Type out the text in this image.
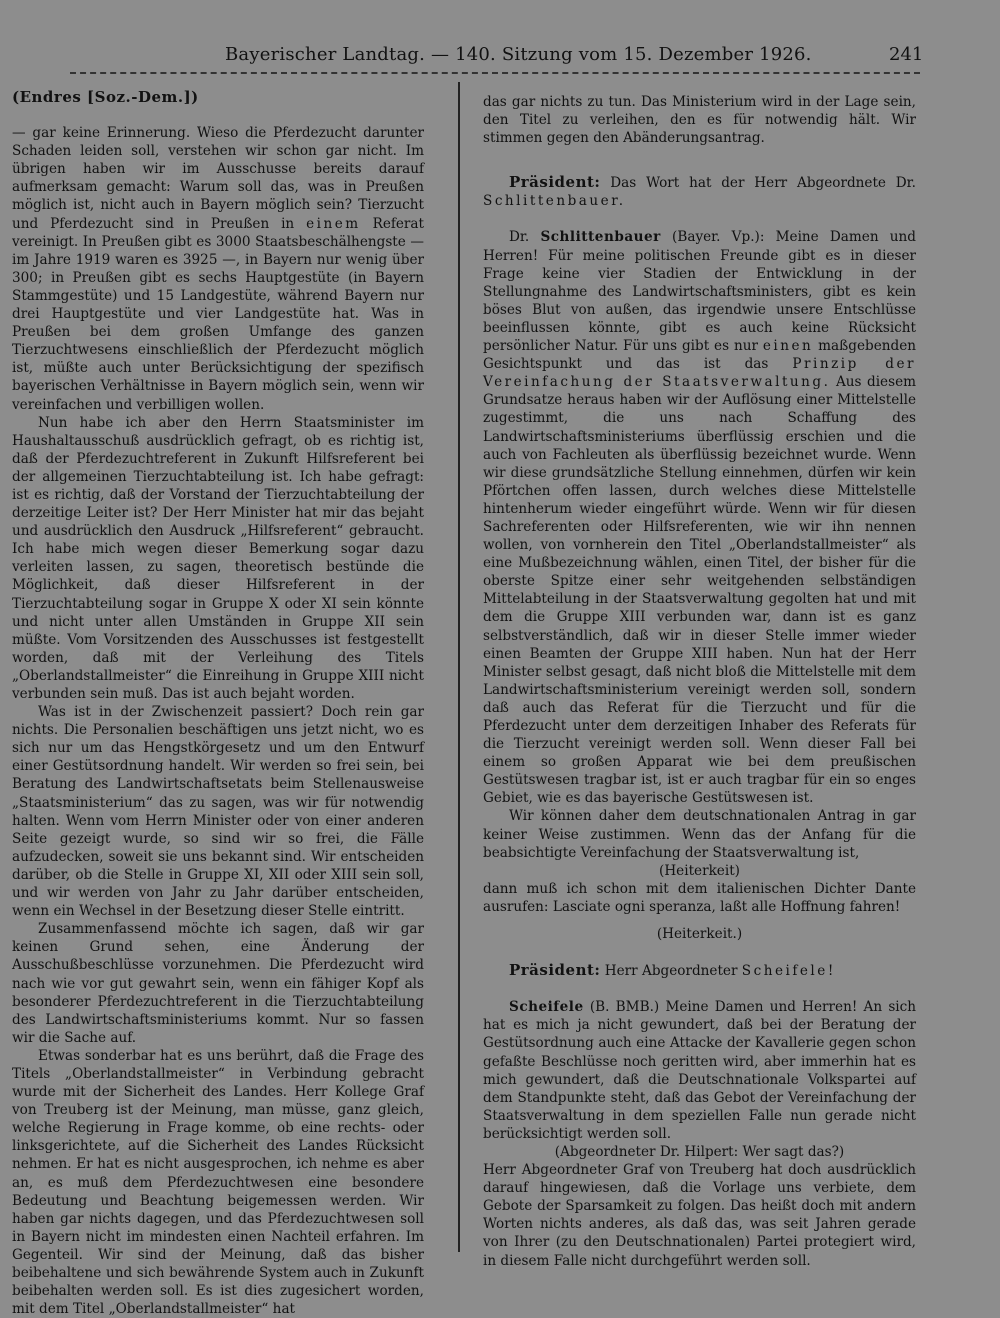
Bayerischer Landtag. — 140. Sitzung vom 15. Dezember 1926.	241

(Endres [Soz.-Dem.])

— gar keine Erinnerung. Wieso die Pferdezucht darunter Schaden leiden soll, verstehen wir schon gar nicht. Im übrigen haben wir im Ausschusse bereits darauf aufmerksam gemacht: Warum soll das, was in Preußen möglich ist, nicht auch in Bayern möglich sein? Tierzucht und Pferdezucht sind in Preußen in einem Referat vereinigt. In Preußen gibt es 3000 Staatsbeschälhengste — im Jahre 1919 waren es 3925 —, in Bayern nur wenig über 300; in Preußen gibt es sechs Hauptgestüte (in Bayern Stammgestüte) und 15 Landgestüte, während Bayern nur drei Hauptgestüte und vier Landgestüte hat. Was in Preußen bei dem großen Umfange des ganzen Tierzuchtwesens einschließlich der Pferdezucht möglich ist, müßte auch unter Berücksichtigung der spezifisch bayerischen Verhältnisse in Bayern möglich sein, wenn wir vereinfachen und verbilligen wollen.

Nun habe ich aber den Herrn Staatsminister im Haushaltausschuß ausdrücklich gefragt, ob es richtig ist, daß der Pferdezuchtreferent in Zukunft Hilfsreferent bei der allgemeinen Tierzuchtabteilung ist. Ich habe gefragt: ist es richtig, daß der Vorstand der Tierzuchtabteilung der derzeitige Leiter ist? Der Herr Minister hat mir das bejaht und ausdrücklich den Ausdruck „Hilfsreferent“ gebraucht. Ich habe mich wegen dieser Bemerkung sogar dazu verleiten lassen, zu sagen, theoretisch bestünde die Möglichkeit, daß dieser Hilfsreferent in der Tierzuchtabteilung sogar in Gruppe X oder XI sein könnte und nicht unter allen Umständen in Gruppe XII sein müßte. Vom Vorsitzenden des Ausschusses ist festgestellt worden, daß mit der Verleihung des Titels „Oberlandstallmeister“ die Einreihung in Gruppe XIII nicht verbunden sein muß. Das ist auch bejaht worden.

Was ist in der Zwischenzeit passiert? Doch rein gar nichts. Die Personalien beschäftigen uns jetzt nicht, wo es sich nur um das Hengstkörgesetz und um den Entwurf einer Gestütsordnung handelt. Wir werden so frei sein, bei Beratung des Landwirtschaftsetats beim Stellenausweise „Staatsministerium“ das zu sagen, was wir für notwendig halten. Wenn vom Herrn Minister oder von einer anderen Seite gezeigt wurde, so sind wir so frei, die Fälle aufzudecken, soweit sie uns bekannt sind. Wir entscheiden darüber, ob die Stelle in Gruppe XI, XII oder XIII sein soll, und wir werden von Jahr zu Jahr darüber entscheiden, wenn ein Wechsel in der Besetzung dieser Stelle eintritt.

Zusammenfassend möchte ich sagen, daß wir gar keinen Grund sehen, eine Änderung der Ausschußbeschlüsse vorzunehmen. Die Pferdezucht wird nach wie vor gut gewahrt sein, wenn ein fähiger Kopf als besonderer Pferdezuchtreferent in die Tierzuchtabteilung des Landwirtschaftsministeriums kommt. Nur so fassen wir die Sache auf.

Etwas sonderbar hat es uns berührt, daß die Frage des Titels „Oberlandstallmeister“ in Verbindung gebracht wurde mit der Sicherheit des Landes. Herr Kollege Graf von Treuberg ist der Meinung, man müsse, ganz gleich, welche Regierung in Frage komme, ob eine rechts- oder linksgerichtete, auf die Sicherheit des Landes Rücksicht nehmen. Er hat es nicht ausgesprochen, ich nehme es aber an, es muß dem Pferdezuchtwesen eine besondere Bedeutung und Beachtung beigemessen werden. Wir haben gar nichts dagegen, und das Pferdezuchtwesen soll in Bayern nicht im mindesten einen Nachteil erfahren. Im Gegenteil. Wir sind der Meinung, daß das bisher beibehaltene und sich bewährende System auch in Zukunft beibehalten werden soll. Es ist dies zugesichert worden, mit dem Titel „Oberlandstallmeister“ hat

das gar nichts zu tun. Das Ministerium wird in der Lage sein, den Titel zu verleihen, den es für notwendig hält. Wir stimmen gegen den Abänderungsantrag.

Präsident: Das Wort hat der Herr Abgeordnete Dr. Schlittenbauer.

Dr. Schlittenbauer (Bayer. Vp.): Meine Damen und Herren! Für meine politischen Freunde gibt es in dieser Frage keine vier Stadien der Entwicklung in der Stellungnahme des Landwirtschaftsministers, gibt es kein böses Blut von außen, das irgendwie unsere Entschlüsse beeinflussen könnte, gibt es auch keine Rücksicht persönlicher Natur. Für uns gibt es nur einen maßgebenden Gesichtspunkt und das ist das Prinzip der Vereinfachung der Staatsverwaltung. Aus diesem Grundsatze heraus haben wir der Auflösung einer Mittelstelle zugestimmt, die uns nach Schaffung des Landwirtschaftsministeriums überflüssig erschien und die auch von Fachleuten als überflüssig bezeichnet wurde. Wenn wir diese grundsätzliche Stellung einnehmen, dürfen wir kein Pförtchen offen lassen, durch welches diese Mittelstelle hintenherum wieder eingeführt würde. Wenn wir für diesen Sachreferenten oder Hilfsreferenten, wie wir ihn nennen wollen, von vornherein den Titel „Oberlandstallmeister“ als eine Mußbezeichnung wählen, einen Titel, der bisher für die oberste Spitze einer sehr weitgehenden selbständigen Mittelabteilung in der Staatsverwaltung gegolten hat und mit dem die Gruppe XIII verbunden war, dann ist es ganz selbstverständlich, daß wir in dieser Stelle immer wieder einen Beamten der Gruppe XIII haben. Nun hat der Herr Minister selbst gesagt, daß nicht bloß die Mittelstelle mit dem Landwirtschaftsministerium vereinigt werden soll, sondern daß auch das Referat für die Tierzucht und für die Pferdezucht unter dem derzeitigen Inhaber des Referats für die Tierzucht vereinigt werden soll. Wenn dieser Fall bei einem so großen Apparat wie bei dem preußischen Gestütswesen tragbar ist, ist er auch tragbar für ein so enges Gebiet, wie es das bayerische Gestütswesen ist.

Wir können daher dem deutschnationalen Antrag in gar keiner Weise zustimmen. Wenn das der Anfang für die beabsichtigte Vereinfachung der Staatsverwaltung ist,

(Heiterkeit)

dann muß ich schon mit dem italienischen Dichter Dante ausrufen: Lasciate ogni speranza, laßt alle Hoffnung fahren!

(Heiterkeit.)

Präsident: Herr Abgeordneter Scheifele!

Scheifele (B. BMB.) Meine Damen und Herren! An sich hat es mich ja nicht gewundert, daß bei der Beratung der Gestütsordnung auch eine Attacke der Kavallerie gegen schon gefaßte Beschlüsse noch geritten wird, aber immerhin hat es mich gewundert, daß die Deutschnationale Volkspartei auf dem Standpunkte steht, daß das Gebot der Vereinfachung der Staatsverwaltung in dem speziellen Falle nun gerade nicht berücksichtigt werden soll.

(Abgeordneter Dr. Hilpert: Wer sagt das?)

Herr Abgeordneter Graf von Treuberg hat doch ausdrücklich darauf hingewiesen, daß die Vorlage uns verbiete, dem Gebote der Sparsamkeit zu folgen. Das heißt doch mit andern Worten nichts anderes, als daß das, was seit Jahren gerade von Ihrer (zu den Deutschnationalen) Partei protegiert wird, in diesem Falle nicht durchgeführt werden soll.
